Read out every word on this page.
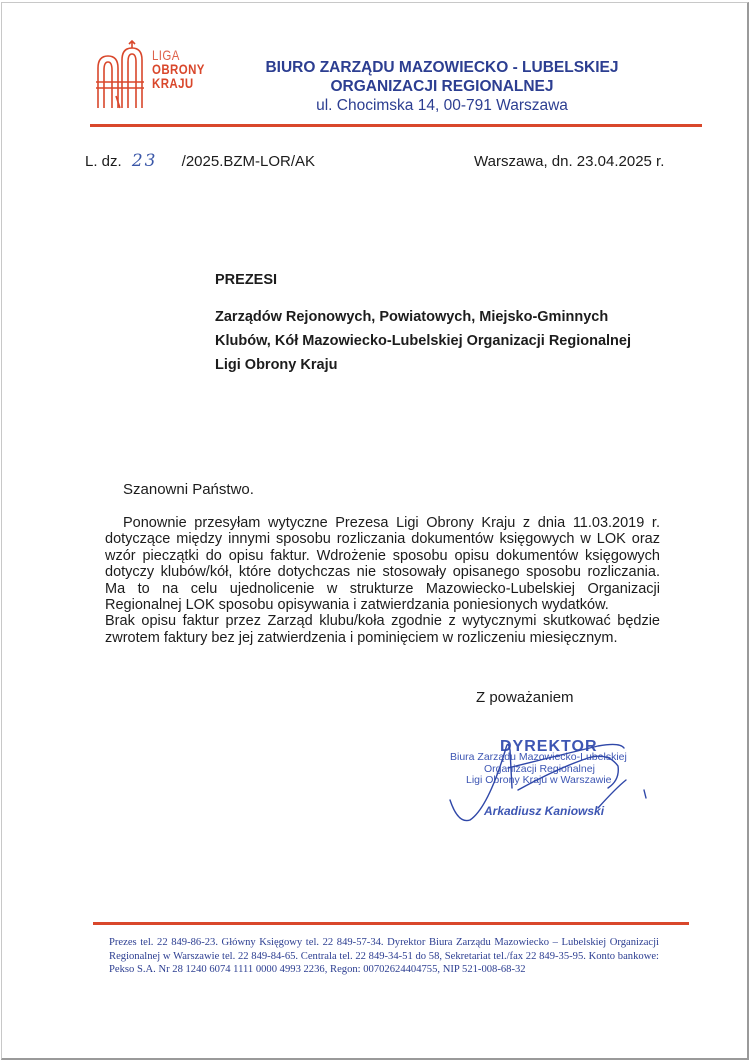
LIGA
OBRONY
KRAJU
BIURO ZARZĄDU MAZOWIECKO - LUBELSKIEJ
ORGANIZACJI REGIONALNEJ
ul. Chocimska 14, 00-791 Warszawa
L. dz. 23 /2025.BZM-LOR/AK	Warszawa, dn. 23.04.2025 r.
PREZESI
Zarządów Rejonowych, Powiatowych, Miejsko-Gminnych
Klubów, Kół Mazowiecko-Lubelskiej Organizacji Regionalnej
Ligi Obrony Kraju
Szanowni Państwo.

Ponownie przesyłam wytyczne Prezesa Ligi Obrony Kraju z dnia 11.03.2019 r. dotyczące między innymi sposobu rozliczania dokumentów księgowych w LOK oraz wzór pieczątki do opisu faktur. Wdrożenie sposobu opisu dokumentów księgowych dotyczy klubów/kół, które dotychczas nie stosowały opisanego sposobu rozliczania. Ma to na celu ujednolicenie w strukturze Mazowiecko-Lubelskiej Organizacji Regionalnej LOK sposobu opisywania i zatwierdzania poniesionych wydatków.

Brak opisu faktur przez Zarząd klubu/koła zgodnie z wytycznymi skutkować będzie zwrotem faktury bez jej zatwierdzenia i pominięciem w rozliczeniu miesięcznym.

Z poważaniem
DYREKTOR
Biura Zarządu Mazowiecko-Lubelskiej
Organizacji Regionalnej
Ligi Obrony Kraju w Warszawie
Arkadiusz Kaniowski
Prezes tel. 22 849-86-23. Główny Księgowy tel. 22 849-57-34. Dyrektor Biura Zarządu Mazowiecko – Lubelskiej Organizacji Regionalnej w Warszawie tel. 22 849-84-65. Centrala tel. 22 849-34-51 do 58, Sekretariat tel./fax 22 849-35-95. Konto bankowe: Pekso S.A. Nr 28 1240 6074 1111 0000 4993 2236, Regon: 00702624404755, NIP 521-008-68-32
